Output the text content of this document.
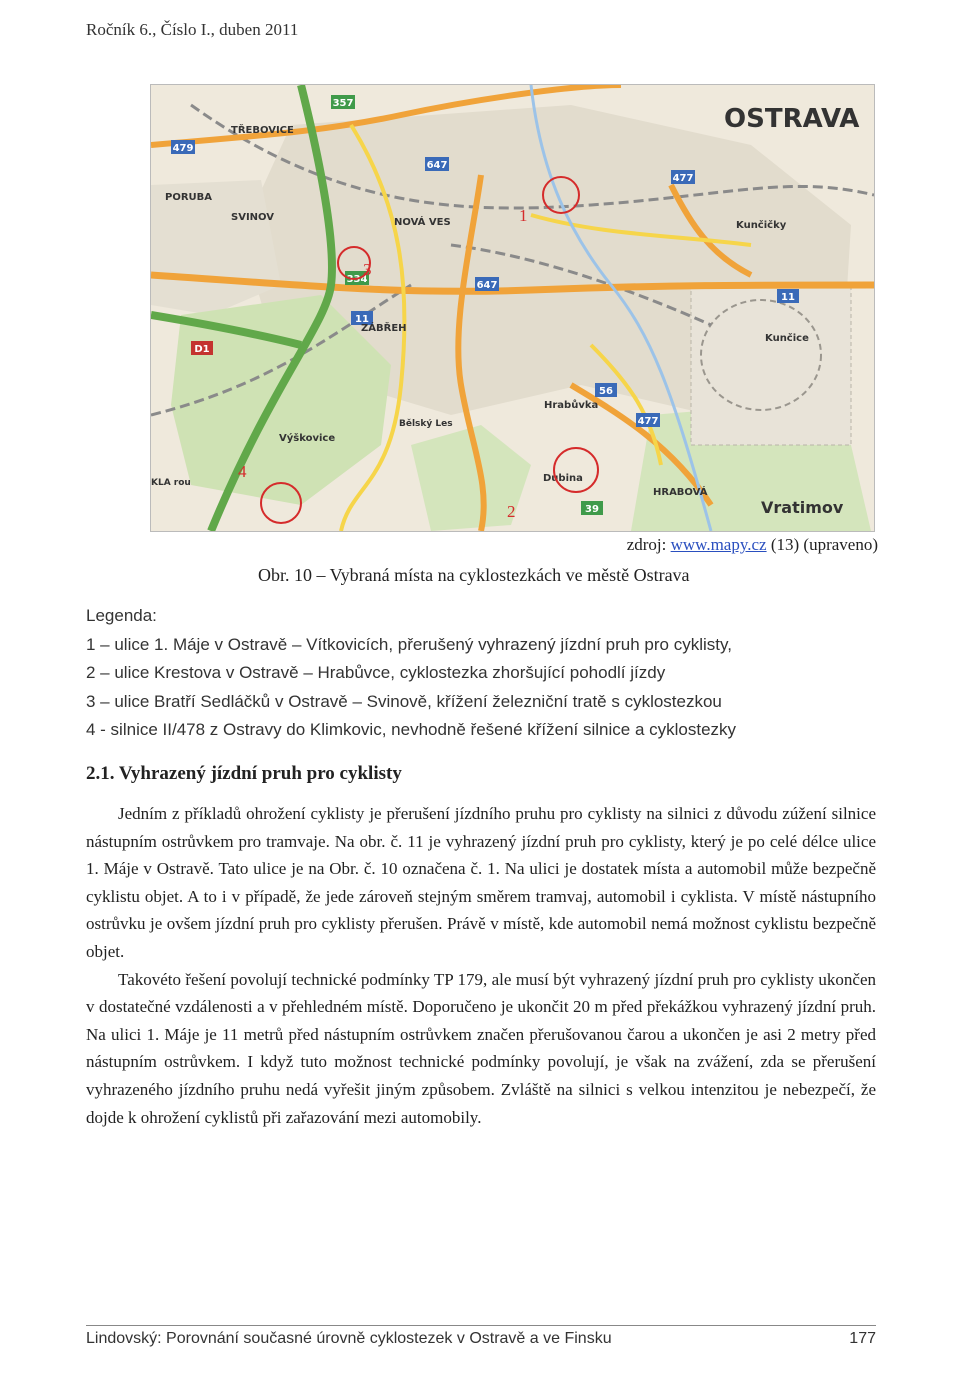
Ročník 6., Číslo I., duben 2011
357
479
647
477
647
334
11
D1
11
56
477
39
OSTRAVA
TŘEBOVICE
PORUBA
SVINOV	NOVÁ VES
ZÁBŘEH
Kunčičky
Kunčice
Hrabůvka
Bělský Les
Výškovice
Dubina
HRABOVÁ
Vratimov
KLA rou
1
2
3
4
zdroj: www.mapy.cz (13) (upraveno)
Obr. 10 – Vybraná místa na cyklostezkách ve městě Ostrava
Legenda:
1 – ulice 1. Máje v Ostravě – Vítkovicích, přerušený vyhrazený jízdní pruh pro cyklisty,
2 – ulice Krestova v Ostravě – Hrabůvce, cyklostezka zhoršující pohodlí jízdy
3 – ulice Bratří Sedláčků v Ostravě – Svinově, křížení železniční tratě s cyklostezkou
4 - silnice II/478 z Ostravy do Klimkovic, nevhodně řešené křížení silnice a cyklostezky
2.1. Vyhrazený jízdní pruh pro cyklisty

Jedním z příkladů ohrožení cyklisty je přerušení jízdního pruhu pro cyklisty na silnici z důvodu zúžení silnice nástupním ostrůvkem pro tramvaje. Na obr. č. 11 je vyhrazený jízdní pruh pro cyklisty, který je po celé délce ulice 1. Máje v Ostravě. Tato ulice je na Obr. č. 10 označena č. 1. Na ulici je dostatek místa a automobil může bezpečně cyklistu objet. A to i v případě, že jede zároveň stejným směrem tramvaj, automobil i cyklista. V místě nástupního ostrůvku je ovšem jízdní pruh pro cyklisty přerušen. Právě v místě, kde automobil nemá možnost cyklistu bezpečně objet.

Takovéto řešení povolují technické podmínky TP 179, ale musí být vyhrazený jízdní pruh pro cyklisty ukončen v dostatečné vzdálenosti a v přehledném místě. Doporučeno je ukončit 20 m před překážkou vyhrazený jízdní pruh. Na ulici 1. Máje je 11 metrů před nástupním ostrůvkem značen přerušovanou čarou a ukončen je asi 2 metry před nástupním ostrůvkem. I když tuto možnost technické podmínky povolují, je však na zvážení, zda se přerušení vyhrazeného jízdního pruhu nedá vyřešit jiným způsobem. Zvláště na silnici s velkou intenzitou je nebezpečí, že dojde k ohrožení cyklistů při zařazování mezi automobily.

Lindovský: Porovnání současné úrovně cyklostezek v Ostravě a ve Finsku	177
